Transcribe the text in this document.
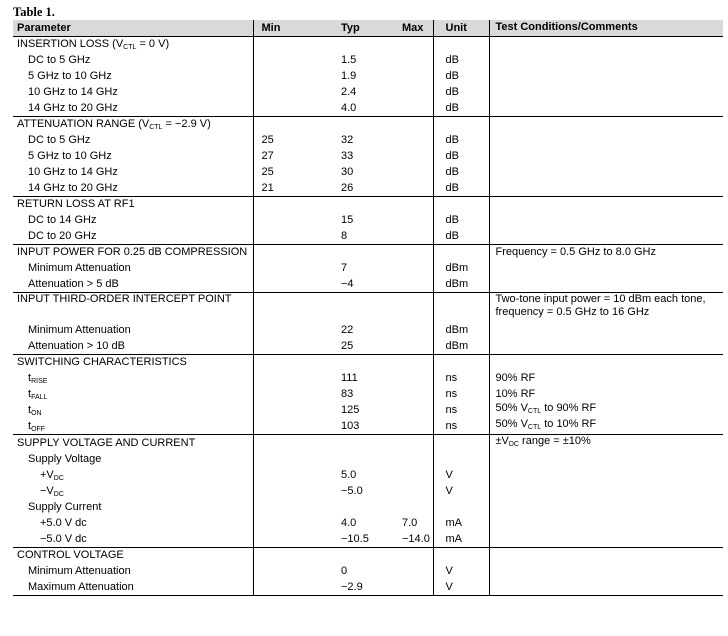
Table 1.
Parameter	Min	Typ	Max	Unit	Test Conditions/Comments
INSERTION LOSS ($V_{CTL} = 0$ V)					
DC to 5 GHz		1.5		dB	
5 GHz to 10 GHz		1.9		dB	
10 GHz to 14 GHz		2.4		dB	
14 GHz to 20 GHz		4.0		dB	
ATTENUATION RANGE ($V_{CTL} = -2.9$ V)					
DC to 5 GHz	25	32		dB	
5 GHz to 10 GHz	27	33		dB	
10 GHz to 14 GHz	25	30		dB	
14 GHz to 20 GHz	21	26		dB	
RETURN LOSS AT RF1					
DC to 14 GHz		15		dB	
DC to 20 GHz		8		dB	
INPUT POWER FOR 0.25 dB COMPRESSION					Frequency = 0.5 GHz to 8.0 GHz
Minimum Attenuation		7		dBm	
Attenuation > 5 dB		−4		dBm	
INPUT THIRD-ORDER INTERCEPT POINT					Two-tone input power = 10 dBm each tone, frequency = 0.5 GHz to 16 GHz
Minimum Attenuation		22		dBm	
Attenuation > 10 dB		25		dBm	
SWITCHING CHARACTERISTICS					
$t_{RISE}$		111		ns	90% RF
$t_{FALL}$		83		ns	10% RF
$t_{ON}$		125		ns	50% $V_{CTL}$ to 90% RF
$t_{OFF}$		103		ns	50% $V_{CTL}$ to 10% RF
SUPPLY VOLTAGE AND CURRENT					$\pm V_{DC}$ range = ±10%
Supply Voltage					
$+V_{DC}$		5.0		V	
$-V_{DC}$		−5.0		V	
Supply Current					
+5.0 V dc		4.0	7.0	mA	
−5.0 V dc		−10.5	−14.0	mA	
CONTROL VOLTAGE					
Minimum Attenuation		0		V	
Maximum Attenuation		−2.9		V	
